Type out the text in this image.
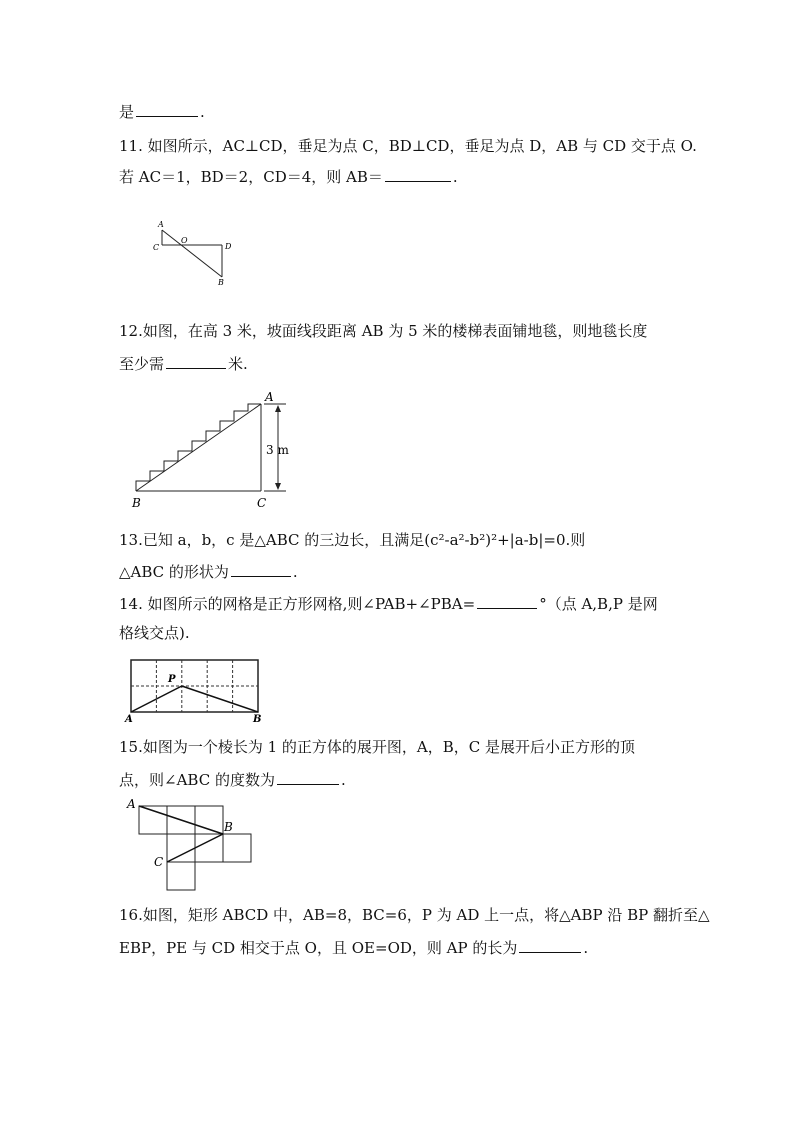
是	.
11. 如图所示，AC⊥CD，垂足为点 C，BD⊥CD，垂足为点 D，AB 与 CD 交于点 O.
若 AC＝1，BD＝2，CD＝4，则 AB＝	.
A
O
C	D
B
12.如图，在高 3 米，坡面线段距离 AB 为 5 米的楼梯表面铺地毯，则地毯长度
至少需	米.
A
B	C
3 m
13.已知 a，b，c 是△ABC 的三边长，且满足(c²-a²-b²)²+|a-b|=0.则
△ABC 的形状为	.
14. 如图所示的网格是正方形网格,则∠PAB+∠PBA=	°（点 A,B,P 是网
格线交点).
P
A	B
15.如图为一个棱长为 1 的正方体的展开图，A，B，C 是展开后小正方形的顶
点，则∠ABC 的度数为	.
A
B
C
16.如图，矩形 ABCD 中，AB=8，BC=6，P 为 AD 上一点，将△ABP 沿 BP 翻折至△
EBP，PE 与 CD 相交于点 O，且 OE=OD，则 AP 的长为	.
